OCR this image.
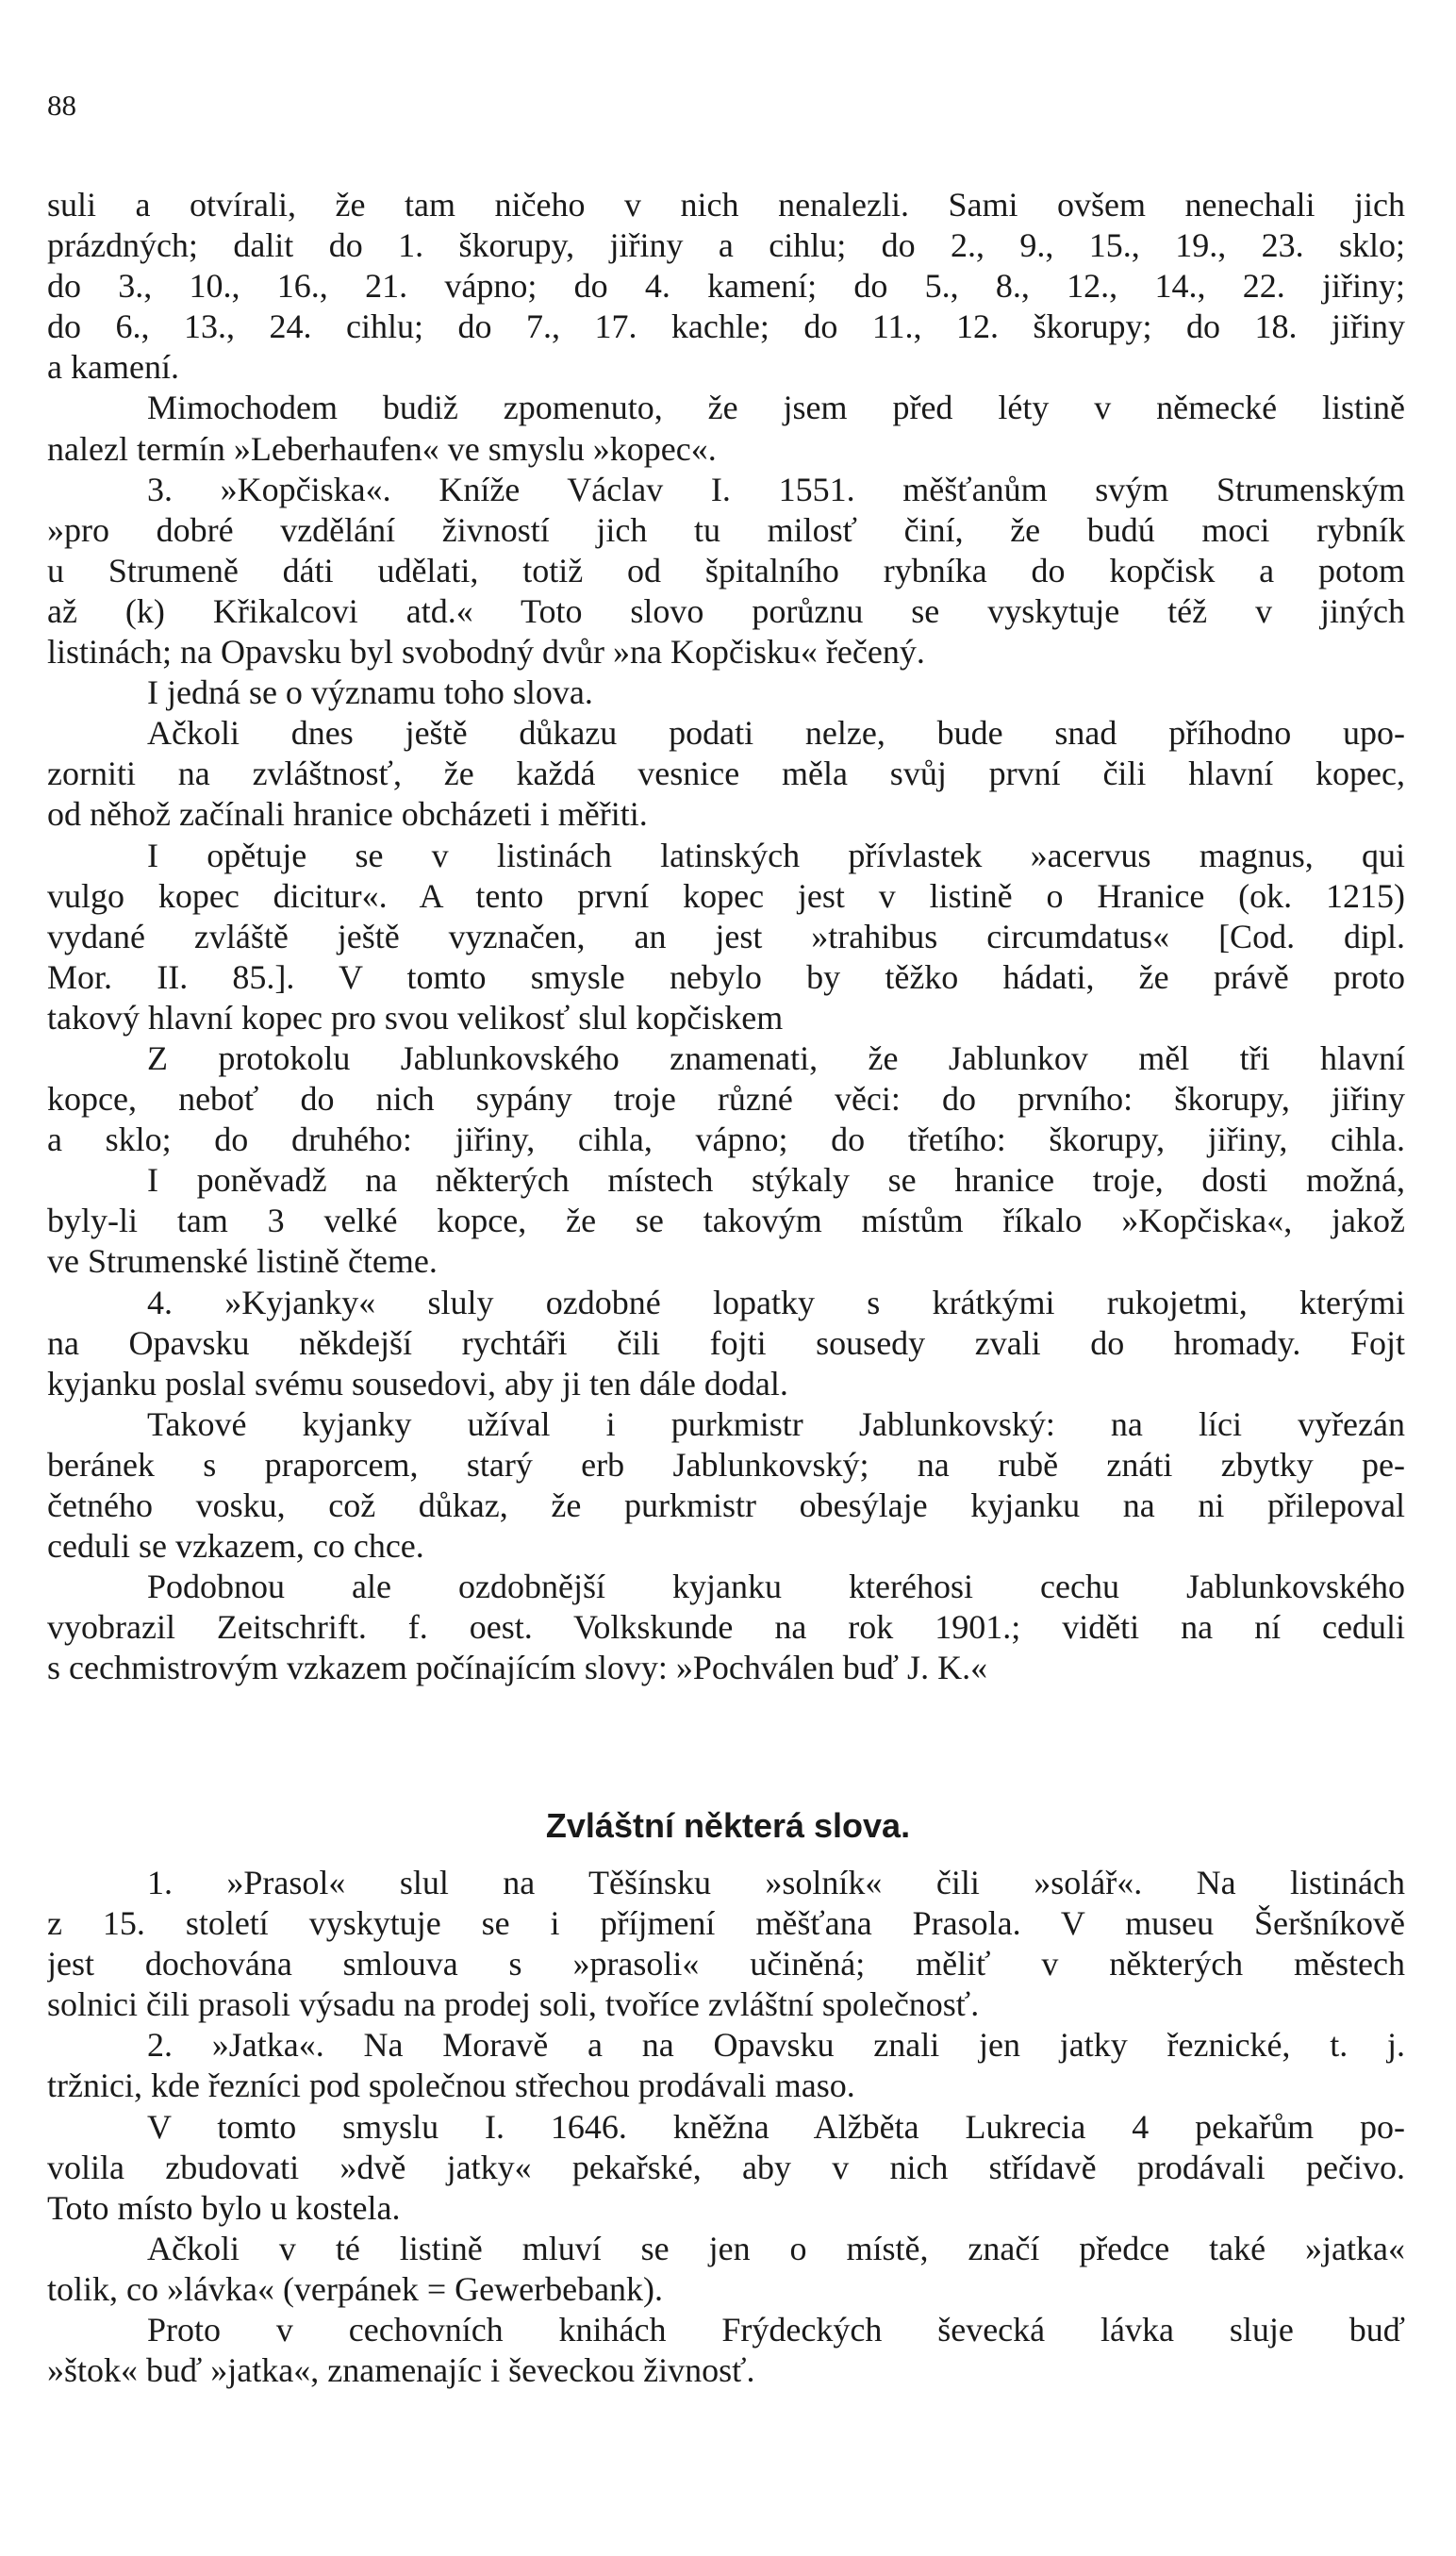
88
suli a otvírali, že tam ničeho v nich nenalezli. Sami ovšem nenechali jich
prázdných; dalit do 1. škorupy, jiřiny a cihlu; do 2., 9., 15., 19., 23. sklo;
do 3., 10., 16., 21. vápno; do 4. kamení; do 5., 8., 12., 14., 22. jiřiny;
do 6., 13., 24. cihlu; do 7., 17. kachle; do 11., 12. škorupy; do 18. jiřiny
a kamení.
Mimochodem budiž zpomenuto, že jsem před léty v německé listině
nalezl termín »Leberhaufen« ve smyslu »kopec«.
3. »Kopčiska«. Kníže Václav I. 1551. měšťanům svým Strumenským
»pro dobré vzdělání živností jich tu milosť činí, že budú moci rybník
u Strumeně dáti udělati, totiž od špitalního rybníka do kopčisk a potom
až (k) Křikalcovi atd.« Toto slovo porůznu se vyskytuje též v jiných
listinách; na Opavsku byl svobodný dvůr »na Kopčisku« řečený.
I jedná se o významu toho slova.
Ačkoli dnes ještě důkazu podati nelze, bude snad příhodno upo-
zorniti na zvláštnosť, že každá vesnice měla svůj první čili hlavní kopec,
od něhož začínali hranice obcházeti i měřiti.
I opětuje se v listinách latinských přívlastek »acervus magnus, qui
vulgo kopec dicitur«. A tento první kopec jest v listině o Hranice (ok. 1215)
vydané zvláště ještě vyznačen, an jest »trahibus circumdatus« [Cod. dipl.
Mor. II. 85.]. V tomto smysle nebylo by těžko hádati, že právě proto
takový hlavní kopec pro svou velikosť slul kopčiskem
Z protokolu Jablunkovského znamenati, že Jablunkov měl tři hlavní
kopce, neboť do nich sypány troje různé věci: do prvního: škorupy, jiřiny
a sklo; do druhého: jiřiny, cihla, vápno; do třetího: škorupy, jiřiny, cihla.
I poněvadž na některých místech stýkaly se hranice troje, dosti možná,
byly-li tam 3 velké kopce, že se takovým místům říkalo »Kopčiska«, jakož
ve Strumenské listině čteme.
4. »Kyjanky« sluly ozdobné lopatky s krátkými rukojetmi, kterými
na Opavsku někdejší rychtáři čili fojti sousedy zvali do hromady. Fojt
kyjanku poslal svému sousedovi, aby ji ten dále dodal.
Takové kyjanky užíval i purkmistr Jablunkovský: na líci vyřezán
beránek s praporcem, starý erb Jablunkovský; na rubě znáti zbytky pe-
četného vosku, což důkaz, že purkmistr obesýlaje kyjanku na ni přilepoval
ceduli se vzkazem, co chce.
Podobnou ale ozdobnější kyjanku kteréhosi cechu Jablunkovského
vyobrazil Zeitschrift. f. oest. Volkskunde na rok 1901.; viděti na ní ceduli
s cechmistrovým vzkazem počínajícím slovy: »Pochválen buď J. K.«
Zvláštní některá slova.
1. »Prasol« slul na Těšínsku »solník« čili »solář«. Na listinách
z 15. století vyskytuje se i příjmení měšťana Prasola. V museu Šeršníkově
jest dochována smlouva s »prasoli« učiněná; měliť v některých městech
solnici čili prasoli výsadu na prodej soli, tvoříce zvláštní společnosť.
2. »Jatka«. Na Moravě a na Opavsku znali jen jatky řeznické, t. j.
tržnici, kde řezníci pod společnou střechou prodávali maso.
V tomto smyslu I. 1646. kněžna Alžběta Lukrecia 4 pekařům po-
volila zbudovati »dvě jatky« pekařské, aby v nich střídavě prodávali pečivo.
Toto místo bylo u kostela.
Ačkoli v té listině mluví se jen o místě, značí předce také »jatka«
tolik, co »lávka« (verpánek = Gewerbebank).
Proto v cechovních knihách Frýdeckých ševecká lávka sluje buď
»štok« buď »jatka«, znamenajíc i ševeckou živnosť.
